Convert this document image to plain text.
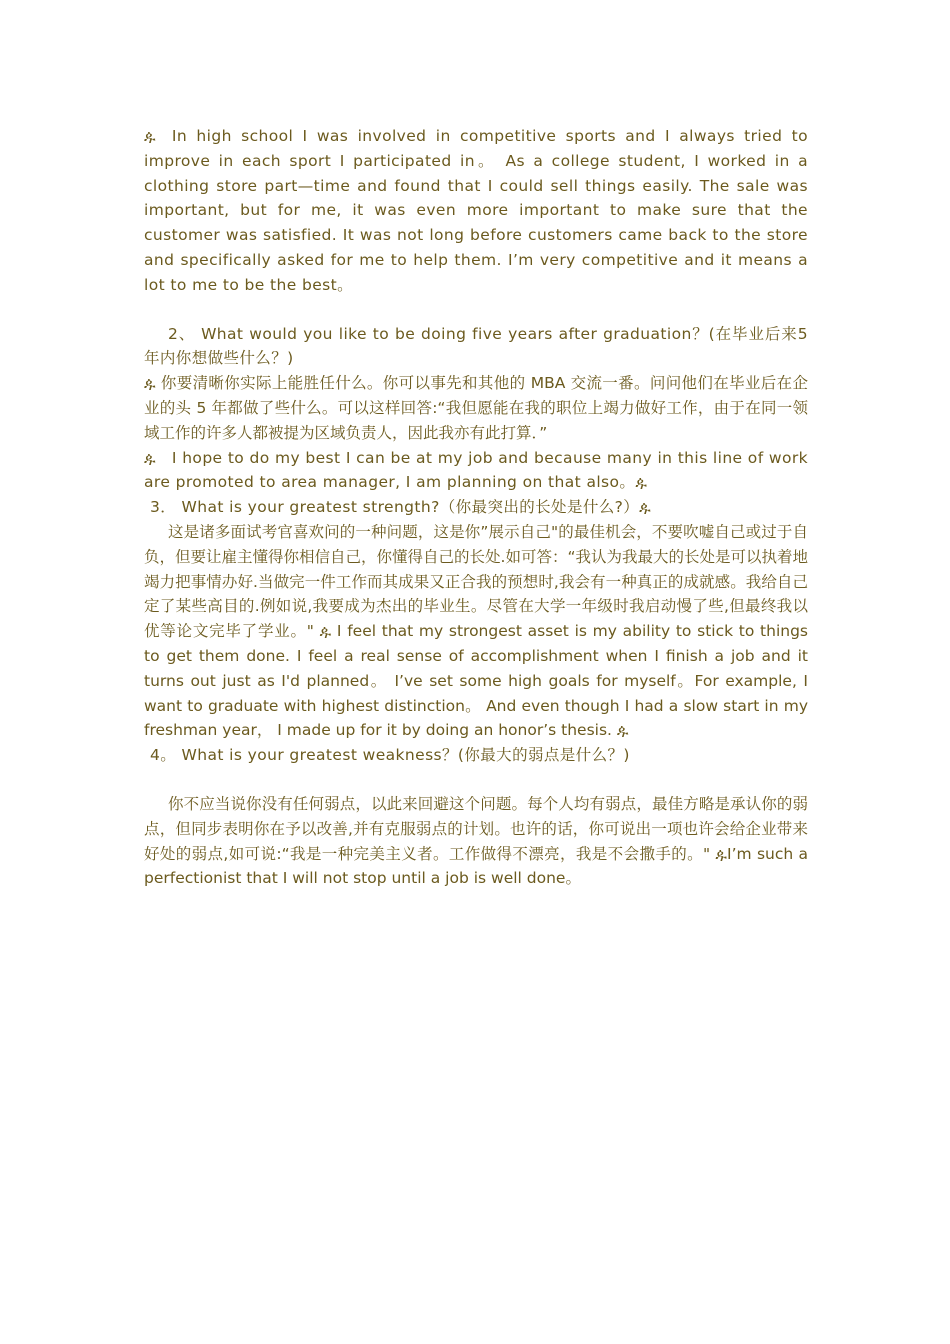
ዹ In high school I was involved in competitive sports and I always tried to improve in each sport I participated in。 As a college student, I worked in a clothing store part—time and found that I could sell things easily. The sale was important, but for me, it was even more important to make sure that the customer was satisfied. It was not long before customers came back to the store and specifically asked for me to help them. I’m very competitive and it means a lot to me to be the best。

2、 What would you like to be doing five years after graduation？(在毕业后来5年内你想做些什么？)

ዹ 你要清晰你实际上能胜任什么。你可以事先和其他的 MBA 交流一番。问问他们在毕业后在企业的头 5 年都做了些什么。可以这样回答:“我但愿能在我的职位上竭力做好工作，由于在同一领域工作的许多人都被提为区域负责人，因此我亦有此打算．”

ዹ I hope to do my best I can be at my job and because many in this line of work are promoted to area manager, I am planning on that also。ዹ

3． What is your greatest strength?（你最突出的长处是什么?）ዹ

这是诸多面试考官喜欢问的一种问题，这是你”展示自己"的最佳机会，不要吹嘘自己或过于自负，但要让雇主懂得你相信自己，你懂得自己的长处.如可答：“我认为我最大的长处是可以执着地竭力把事情办好.当做完一件工作而其成果又正合我的预想时,我会有一种真正的成就感。我给自己定了某些高目的.例如说,我要成为杰出的毕业生。尽管在大学一年级时我启动慢了些,但最终我以优等论文完毕了学业。" ዹ I feel that my strongest asset is my ability to stick to things to get them done. I feel a real sense of accomplishment when I finish a job and it turns out just as I'd planned。 I’ve set some high goals for myself。For example, I want to graduate with highest distinction。 And even though I had a slow start in my freshman year， I made up for it by doing an honor’s thesis. ዹ

4。 What is your greatest weakness？(你最大的弱点是什么？)

你不应当说你没有任何弱点，以此来回避这个问题。每个人均有弱点，最佳方略是承认你的弱点，但同步表明你在予以改善,并有克服弱点的计划。也许的话，你可说出一项也许会给企业带来好处的弱点,如可说:“我是一种完美主义者。工作做得不漂亮，我是不会撒手的。" ዹI’m such a perfectionist that I will not stop until a job is well done。
